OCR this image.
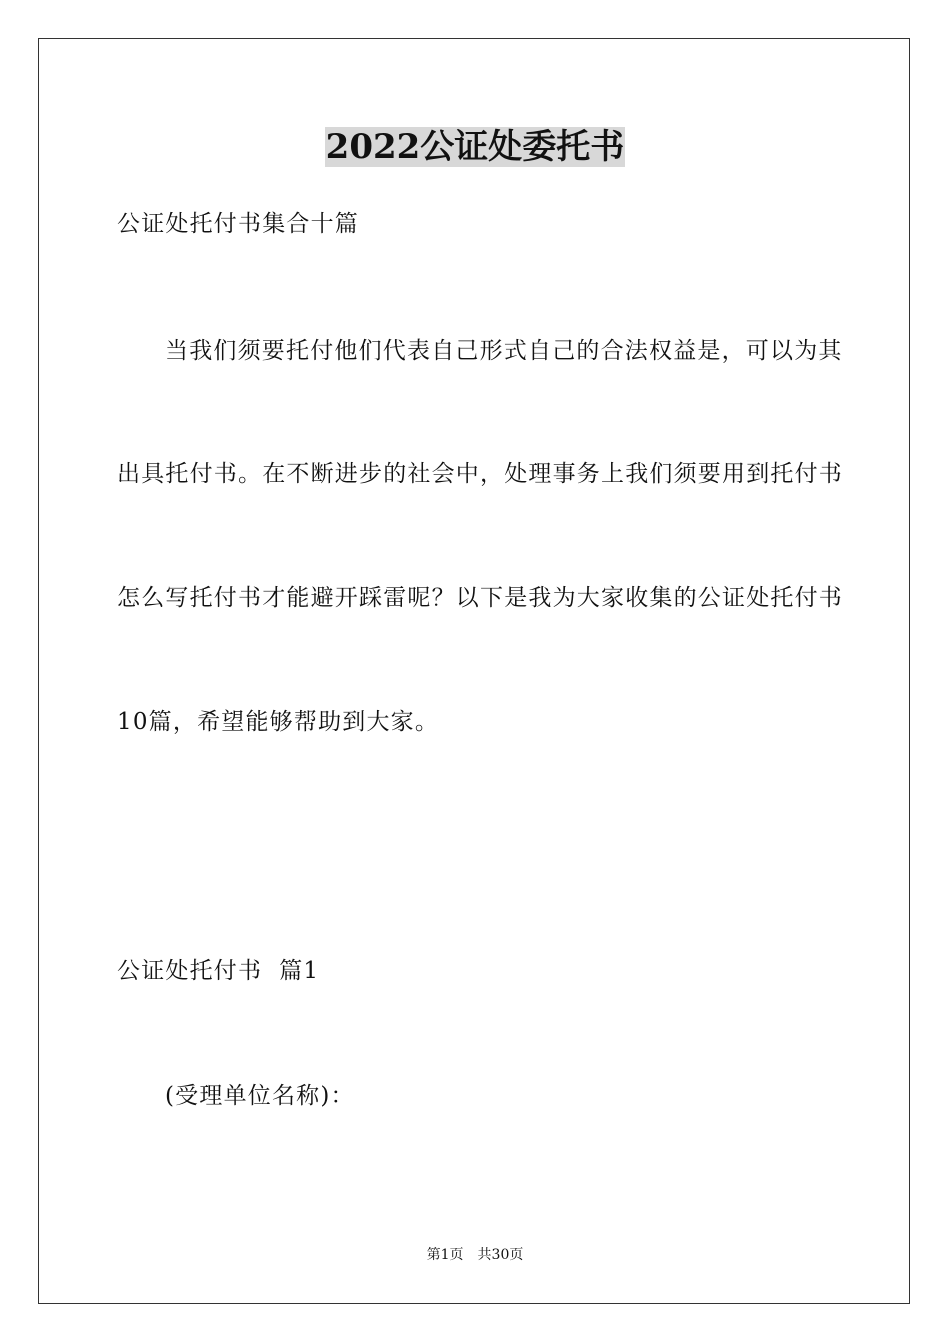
2022公证处委托书
公证处托付书集合十篇
当我们须要托付他们代表自己形式自己的合法权益是，可以为其
出具托付书。在不断进步的社会中，处理事务上我们须要用到托付书
怎么写托付书才能避开踩雷呢？以下是我为大家收集的公证处托付书
10篇，希望能够帮助到大家。
公证处托付书  篇1
(受理单位名称)：
第1页　共30页
